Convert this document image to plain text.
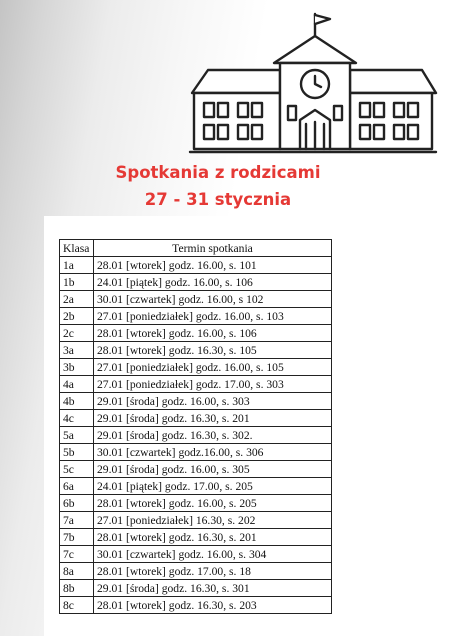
Spotkania z rodzicami
27 - 31 stycznia
Klasa	Termin spotkania
1a	28.01 [wtorek] godz. 16.00, s. 101
1b	24.01 [piątek] godz. 16.00, s. 106
2a	30.01 [czwartek] godz. 16.00, s 102
2b	27.01 [poniedziałek] godz. 16.00, s. 103
2c	28.01 [wtorek] godz. 16.00, s. 106
3a	28.01 [wtorek] godz. 16.30, s. 105
3b	27.01 [poniedziałek] godz. 16.00, s. 105
4a	27.01 [poniedziałek] godz. 17.00, s. 303
4b	29.01 [środa] godz. 16.00, s. 303
4c	29.01 [środa] godz. 16.30, s. 201
5a	29.01 [środa] godz. 16.30, s. 302.
5b	30.01 [czwartek] godz.16.00, s. 306
5c	29.01 [środa] godz. 16.00, s. 305
6a	24.01 [piątek] godz. 17.00, s. 205
6b	28.01 [wtorek] godz. 16.00, s. 205
7a	27.01 [poniedziałek] 16.30, s. 202
7b	28.01 [wtorek] godz. 16.30, s. 201
7c	30.01 [czwartek] godz. 16.00, s. 304
8a	28.01 [wtorek] godz. 17.00, s. 18
8b	29.01 [środa] godz. 16.30, s. 301
8c	28.01 [wtorek] godz. 16.30, s. 203
